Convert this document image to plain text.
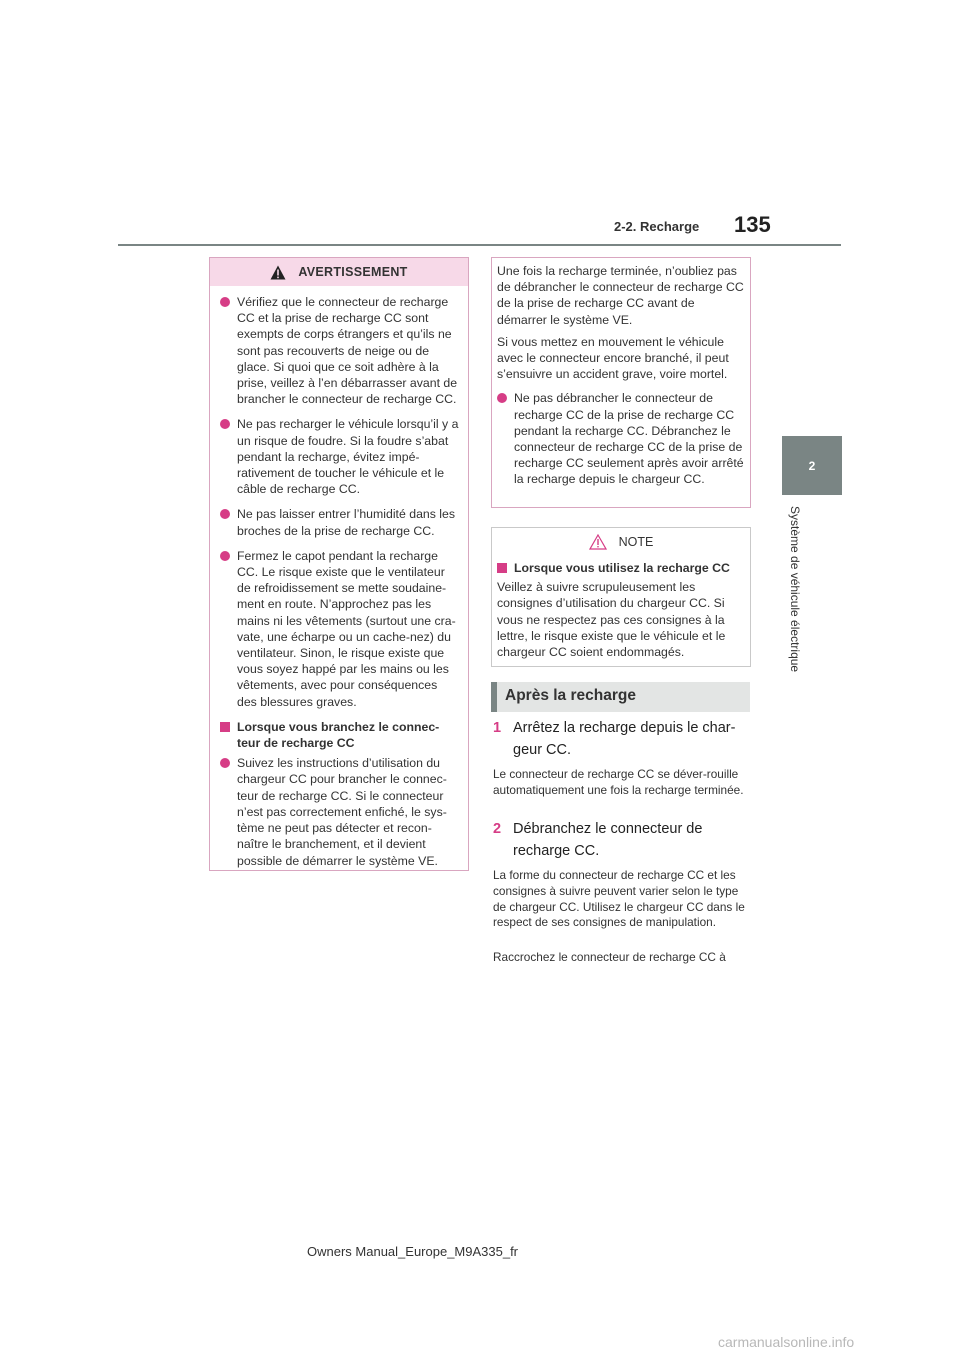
2-2. Recharge 135
2
Système de véhicule électrique
AVERTISSEMENT
Vérifiez que le connecteur de recharge CC et la prise de recharge CC sont exempts de corps étrangers et qu’ils ne sont pas recouverts de neige ou de glace. Si quoi que ce soit adhère à la prise, veillez à l’en débarrasser avant de brancher le connecteur de recharge CC.
Ne pas recharger le véhicule lorsqu’il y a un risque de foudre. Si la foudre s’abat pendant la recharge, évitez impé-rativement de toucher le véhicule et le câble de recharge CC.
Ne pas laisser entrer l’humidité dans les broches de la prise de recharge CC.
Fermez le capot pendant la recharge CC. Le risque existe que le ventilateur de refroidissement se mette soudaine-ment en route. N’approchez pas les mains ni les vêtements (surtout une cra-vate, une écharpe ou un cache-nez) du ventilateur. Sinon, le risque existe que vous soyez happé par les mains ou les vêtements, avec pour conséquences des blessures graves.
Lorsque vous branchez le connec-teur de recharge CC
Suivez les instructions d’utilisation du chargeur CC pour brancher le connec-teur de recharge CC. Si le connecteur n’est pas correctement enfiché, le sys-tème ne peut pas détecter et recon-naître le branchement, et il devient possible de démarrer le système VE.

Une fois la recharge terminée, n’oubliez pas de débrancher le connecteur de recharge CC de la prise de recharge CC avant de démarrer le système VE.

Si vous mettez en mouvement le véhicule avec le connecteur encore branché, il peut s’ensuivre un accident grave, voire mortel.

Ne pas débrancher le connecteur de recharge CC de la prise de recharge CC pendant la recharge CC. Débranchez le connecteur de recharge CC de la prise de recharge CC seulement après avoir arrêté la recharge depuis le chargeur CC.
NOTE
Lorsque vous utilisez la recharge CC

Veillez à suivre scrupuleusement les consignes d’utilisation du chargeur CC. Si vous ne respectez pas ces consignes à la lettre, le risque existe que le véhicule et le chargeur CC soient endommagés.

Après la recharge
1 Arrêtez la recharge depuis le char-
geur CC.
Le connecteur de recharge CC se déver-rouille automatiquement une fois la recharge terminée.
2 Débranchez le connecteur de
recharge CC.
La forme du connecteur de recharge CC et les consignes à suivre peuvent varier selon le type de chargeur CC. Utilisez le chargeur CC dans le respect de ses consignes de manipulation.
Raccrochez le connecteur de recharge CC à
Owners Manual_Europe_M9A335_fr
carmanualsonline.info
